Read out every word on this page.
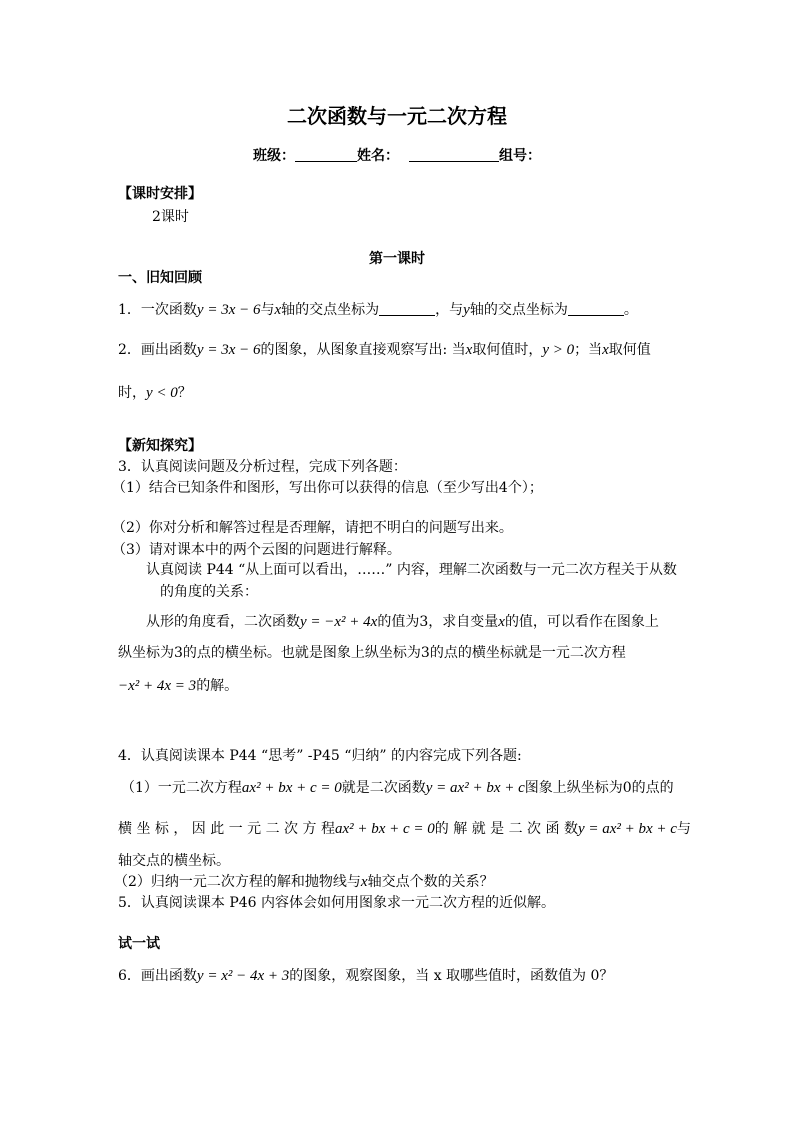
二次函数与一元二次方程
班级：	姓名：	组号：
【课时安排】
2课时
第一课时
一、旧知回顾
1．一次函数y = 3x − 6与x轴的交点坐标为	，与y轴的交点坐标为	。
2．画出函数y = 3x − 6的图象，从图象直接观察写出: 当x取何值时，y > 0；当x取何值
时，y < 0？
【新知探究】
3．认真阅读问题及分析过程，完成下列各题：
（1）结合已知条件和图形，写出你可以获得的信息（至少写出4个）；
（2）你对分析和解答过程是否理解，请把不明白的问题写出来。
（3）请对课本中的两个云图的问题进行解释。
认真阅读 P44 “从上面可以看出，……” 内容，理解二次函数与一元二次方程关于从数
的角度的关系：
从形的角度看，二次函数y = −x² + 4x的值为3，求自变量x的值，可以看作在图象上
纵坐标为3的点的横坐标。也就是图象上纵坐标为3的点的横坐标就是一元二次方程
−x² + 4x = 3的解。
4．认真阅读课本 P44 “思考” -P45 “归纳” 的内容完成下列各题:
（1）一元二次方程ax² + bx + c = 0就是二次函数y = ax² + bx + c图象上纵坐标为0的点的
横 坐 标 ， 因 此 一 元 二 次 方 程ax² + bx + c = 0的 解 就 是 二 次 函 数y = ax² + bx + c与
轴交点的横坐标。
（2）归纳一元二次方程的解和抛物线与x轴交点个数的关系？
5．认真阅读课本 P46 内容体会如何用图象求一元二次方程的近似解。
试一试
6．画出函数y = x² − 4x + 3的图象，观察图象，当 x 取哪些值时，函数值为 0？
